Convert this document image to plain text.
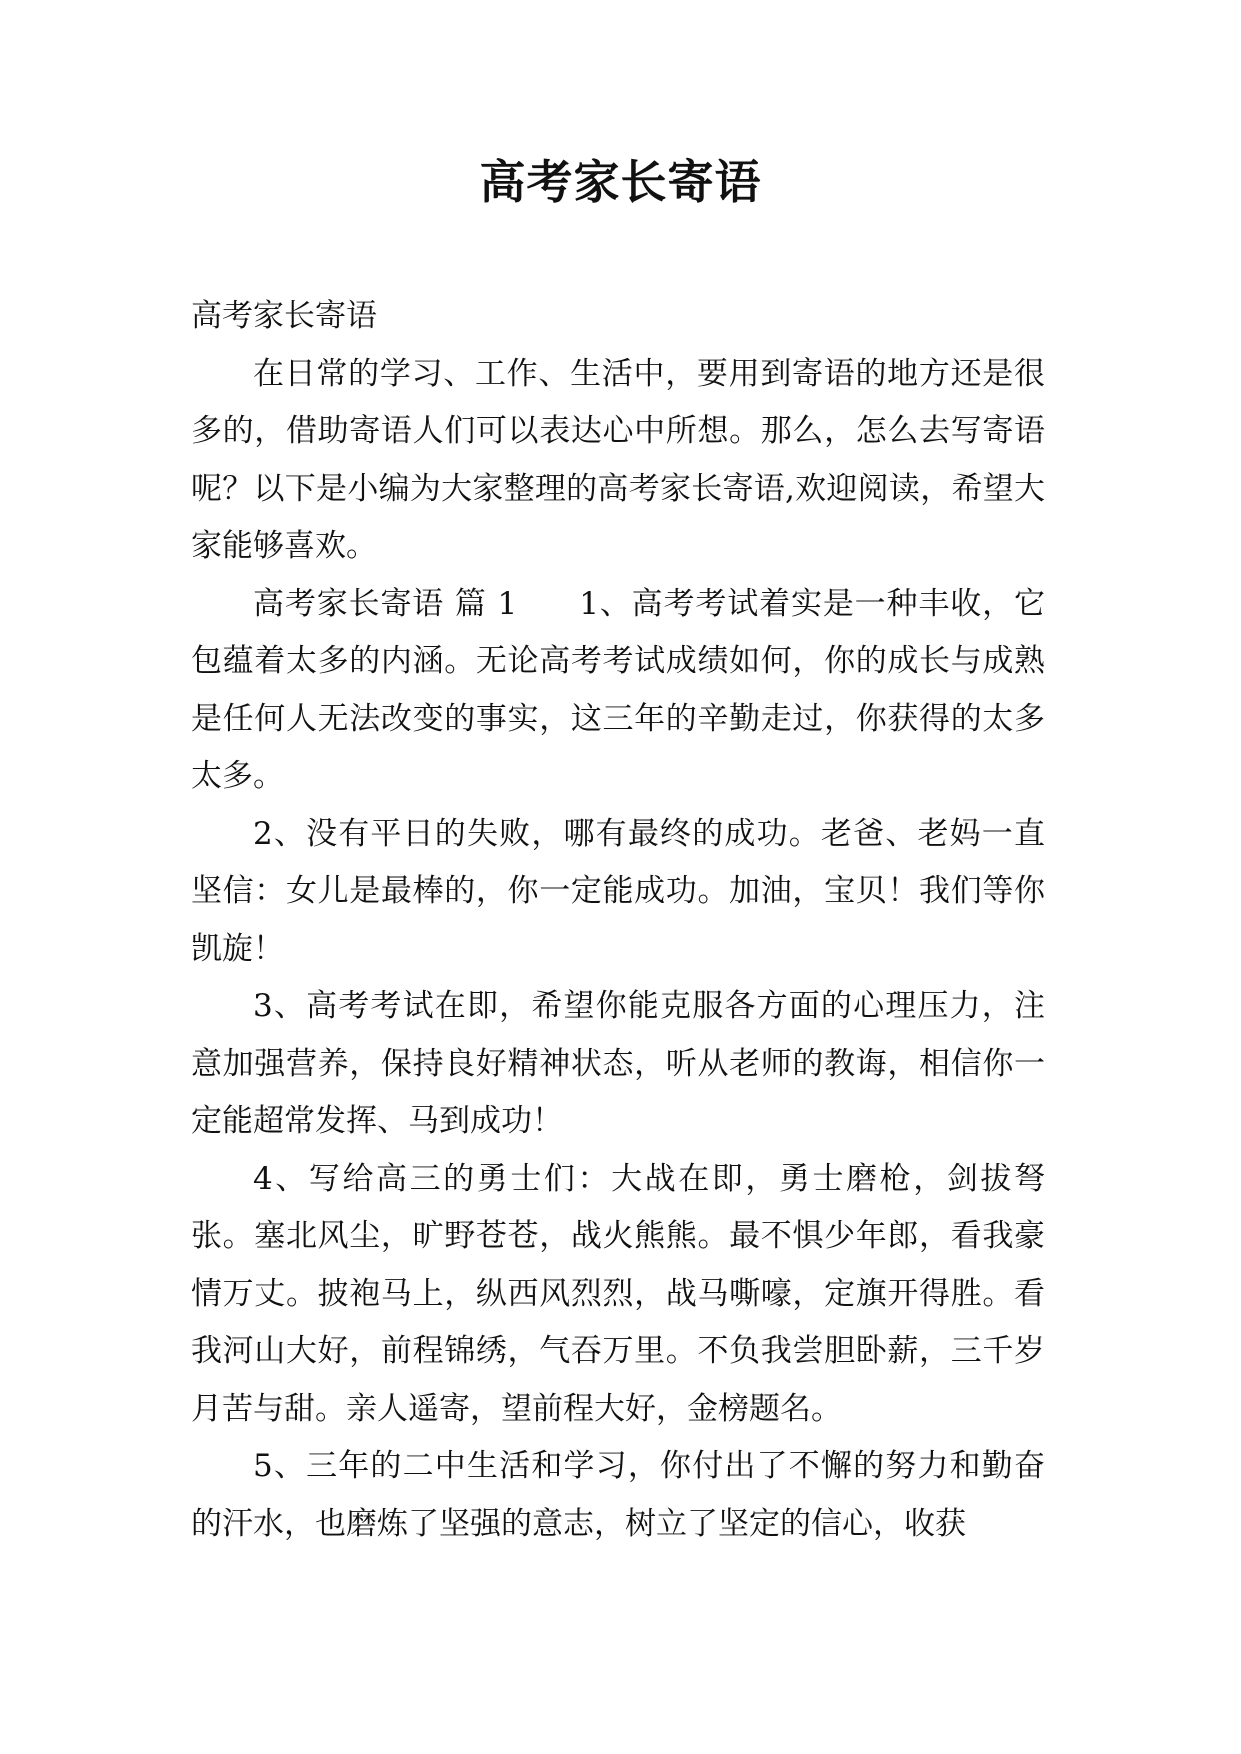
高考家长寄语

高考家长寄语

在日常的学习、工作、生活中，要用到寄语的地方还是很多的，借助寄语人们可以表达心中所想。那么，怎么去写寄语呢？以下是小编为大家整理的高考家长寄语,欢迎阅读，希望大家能够喜欢。

高考家长寄语 篇 1 1、高考考试着实是一种丰收，它包蕴着太多的内涵。无论高考考试成绩如何，你的成长与成熟是任何人无法改变的事实，这三年的辛勤走过，你获得的太多太多。

2、没有平日的失败，哪有最终的成功。老爸、老妈一直坚信：女儿是最棒的，你一定能成功。加油，宝贝！我们等你凯旋！

3、高考考试在即，希望你能克服各方面的心理压力，注意加强营养，保持良好精神状态，听从老师的教诲，相信你一定能超常发挥、马到成功！

4、写给高三的勇士们：大战在即，勇士磨枪，剑拔弩张。塞北风尘，旷野苍苍，战火熊熊。最不惧少年郎，看我豪情万丈。披袍马上，纵西风烈烈，战马嘶嚎，定旗开得胜。看我河山大好，前程锦绣，气吞万里。不负我尝胆卧薪，三千岁月苦与甜。亲人遥寄，望前程大好，金榜题名。

5、三年的二中生活和学习，你付出了不懈的努力和勤奋的汗水，也磨炼了坚强的意志，树立了坚定的信心，收获
